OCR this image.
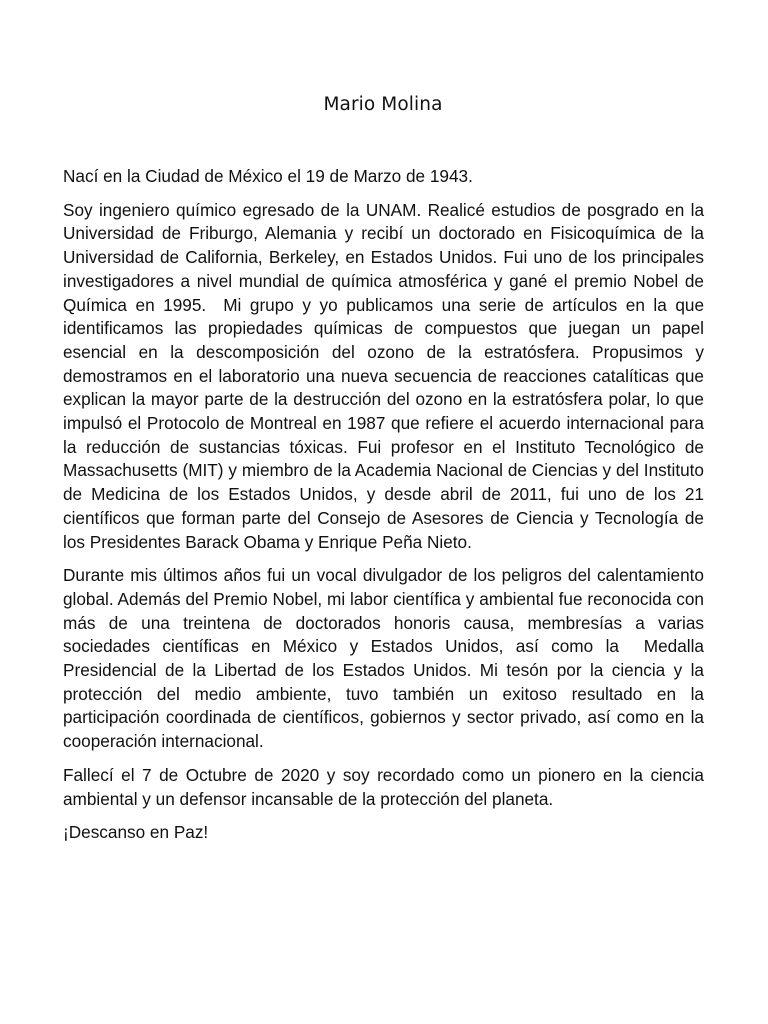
Mario Molina

Nací en la Ciudad de México el 19 de Marzo de 1943.

Soy ingeniero químico egresado de la UNAM. Realicé estudios de posgrado en la Universidad de Friburgo, Alemania y recibí un doctorado en Fisicoquímica de la Universidad de California, Berkeley, en Estados Unidos. Fui uno de los principales investigadores a nivel mundial de química atmosférica y gané el premio Nobel de Química en 1995.  Mi grupo y yo publicamos una serie de artículos en la que identificamos las propiedades químicas de compuestos que juegan un papel esencial en la descomposición del ozono de la estratósfera. Propusimos y demostramos en el laboratorio una nueva secuencia de reacciones catalíticas que explican la mayor parte de la destrucción del ozono en la estratósfera polar, lo que impulsó el Protocolo de Montreal en 1987 que refiere el acuerdo internacional para la reducción de sustancias tóxicas. Fui profesor en el Instituto Tecnológico de Massachusetts (MIT) y miembro de la Academia Nacional de Ciencias y del Instituto de Medicina de los Estados Unidos, y desde abril de 2011, fui uno de los 21 científicos que forman parte del Consejo de Asesores de Ciencia y Tecnología de los Presidentes Barack Obama y Enrique Peña Nieto.

Durante mis últimos años fui un vocal divulgador de los peligros del calentamiento global. Además del Premio Nobel, mi labor científica y ambiental fue reconocida con más de una treintena de doctorados honoris causa, membresías a varias sociedades científicas en México y Estados Unidos, así como la  Medalla Presidencial de la Libertad de los Estados Unidos. Mi tesón por la ciencia y la protección del medio ambiente, tuvo también un exitoso resultado en la participación coordinada de científicos, gobiernos y sector privado, así como en la cooperación internacional.

Fallecí el 7 de Octubre de 2020 y soy recordado como un pionero en la ciencia ambiental y un defensor incansable de la protección del planeta.

¡Descanso en Paz!
